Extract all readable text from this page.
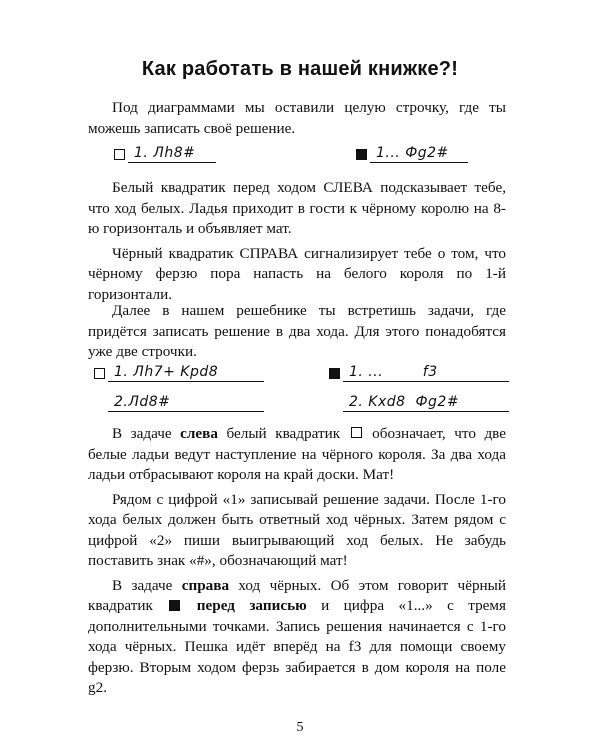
Как работать в нашей книжке?!

Под диаграммами мы оставили целую строчку, где ты можешь записать своё решение.

1. Лh8#	1... Фg2#

Белый квадратик перед ходом СЛЕВА подсказывает тебе, что ход белых. Ладья приходит в гости к чёрному королю на 8-ю горизонталь и объявляет мат.

Чёрный квадратик СПРАВА сигнализирует тебе о том, что чёрному ферзю пора напасть на белого короля по 1-й горизонтали.

Далее в нашем решебнике ты встретишь задачи, где придётся записать решение в два хода. Для этого понадобятся уже две строчки.

1. Лh7+ Kpd8
2.Лd8#
1. ...        f3
2. Kxd8  Фg2#

В задаче слева белый квадратик  обозначает, что две белые ладьи ведут наступление на чёрного короля. За два хода ладьи отбрасывают короля на край доски. Мат!

Рядом с цифрой «1» записывай решение задачи. После 1-го хода белых должен быть ответный ход чёрных. Затем рядом с цифрой «2» пиши выигрывающий ход белых. Не забудь поставить знак «#», обозначающий мат!

В задаче справа ход чёрных. Об этом говорит чёрный квадратик  перед записью и цифра «1...» с тремя дополнительными точками. Запись решения начинается с 1-го хода чёрных. Пешка идёт вперёд на f3 для помощи своему ферзю. Вторым ходом ферзь забирается в дом короля на поле g2.

5
